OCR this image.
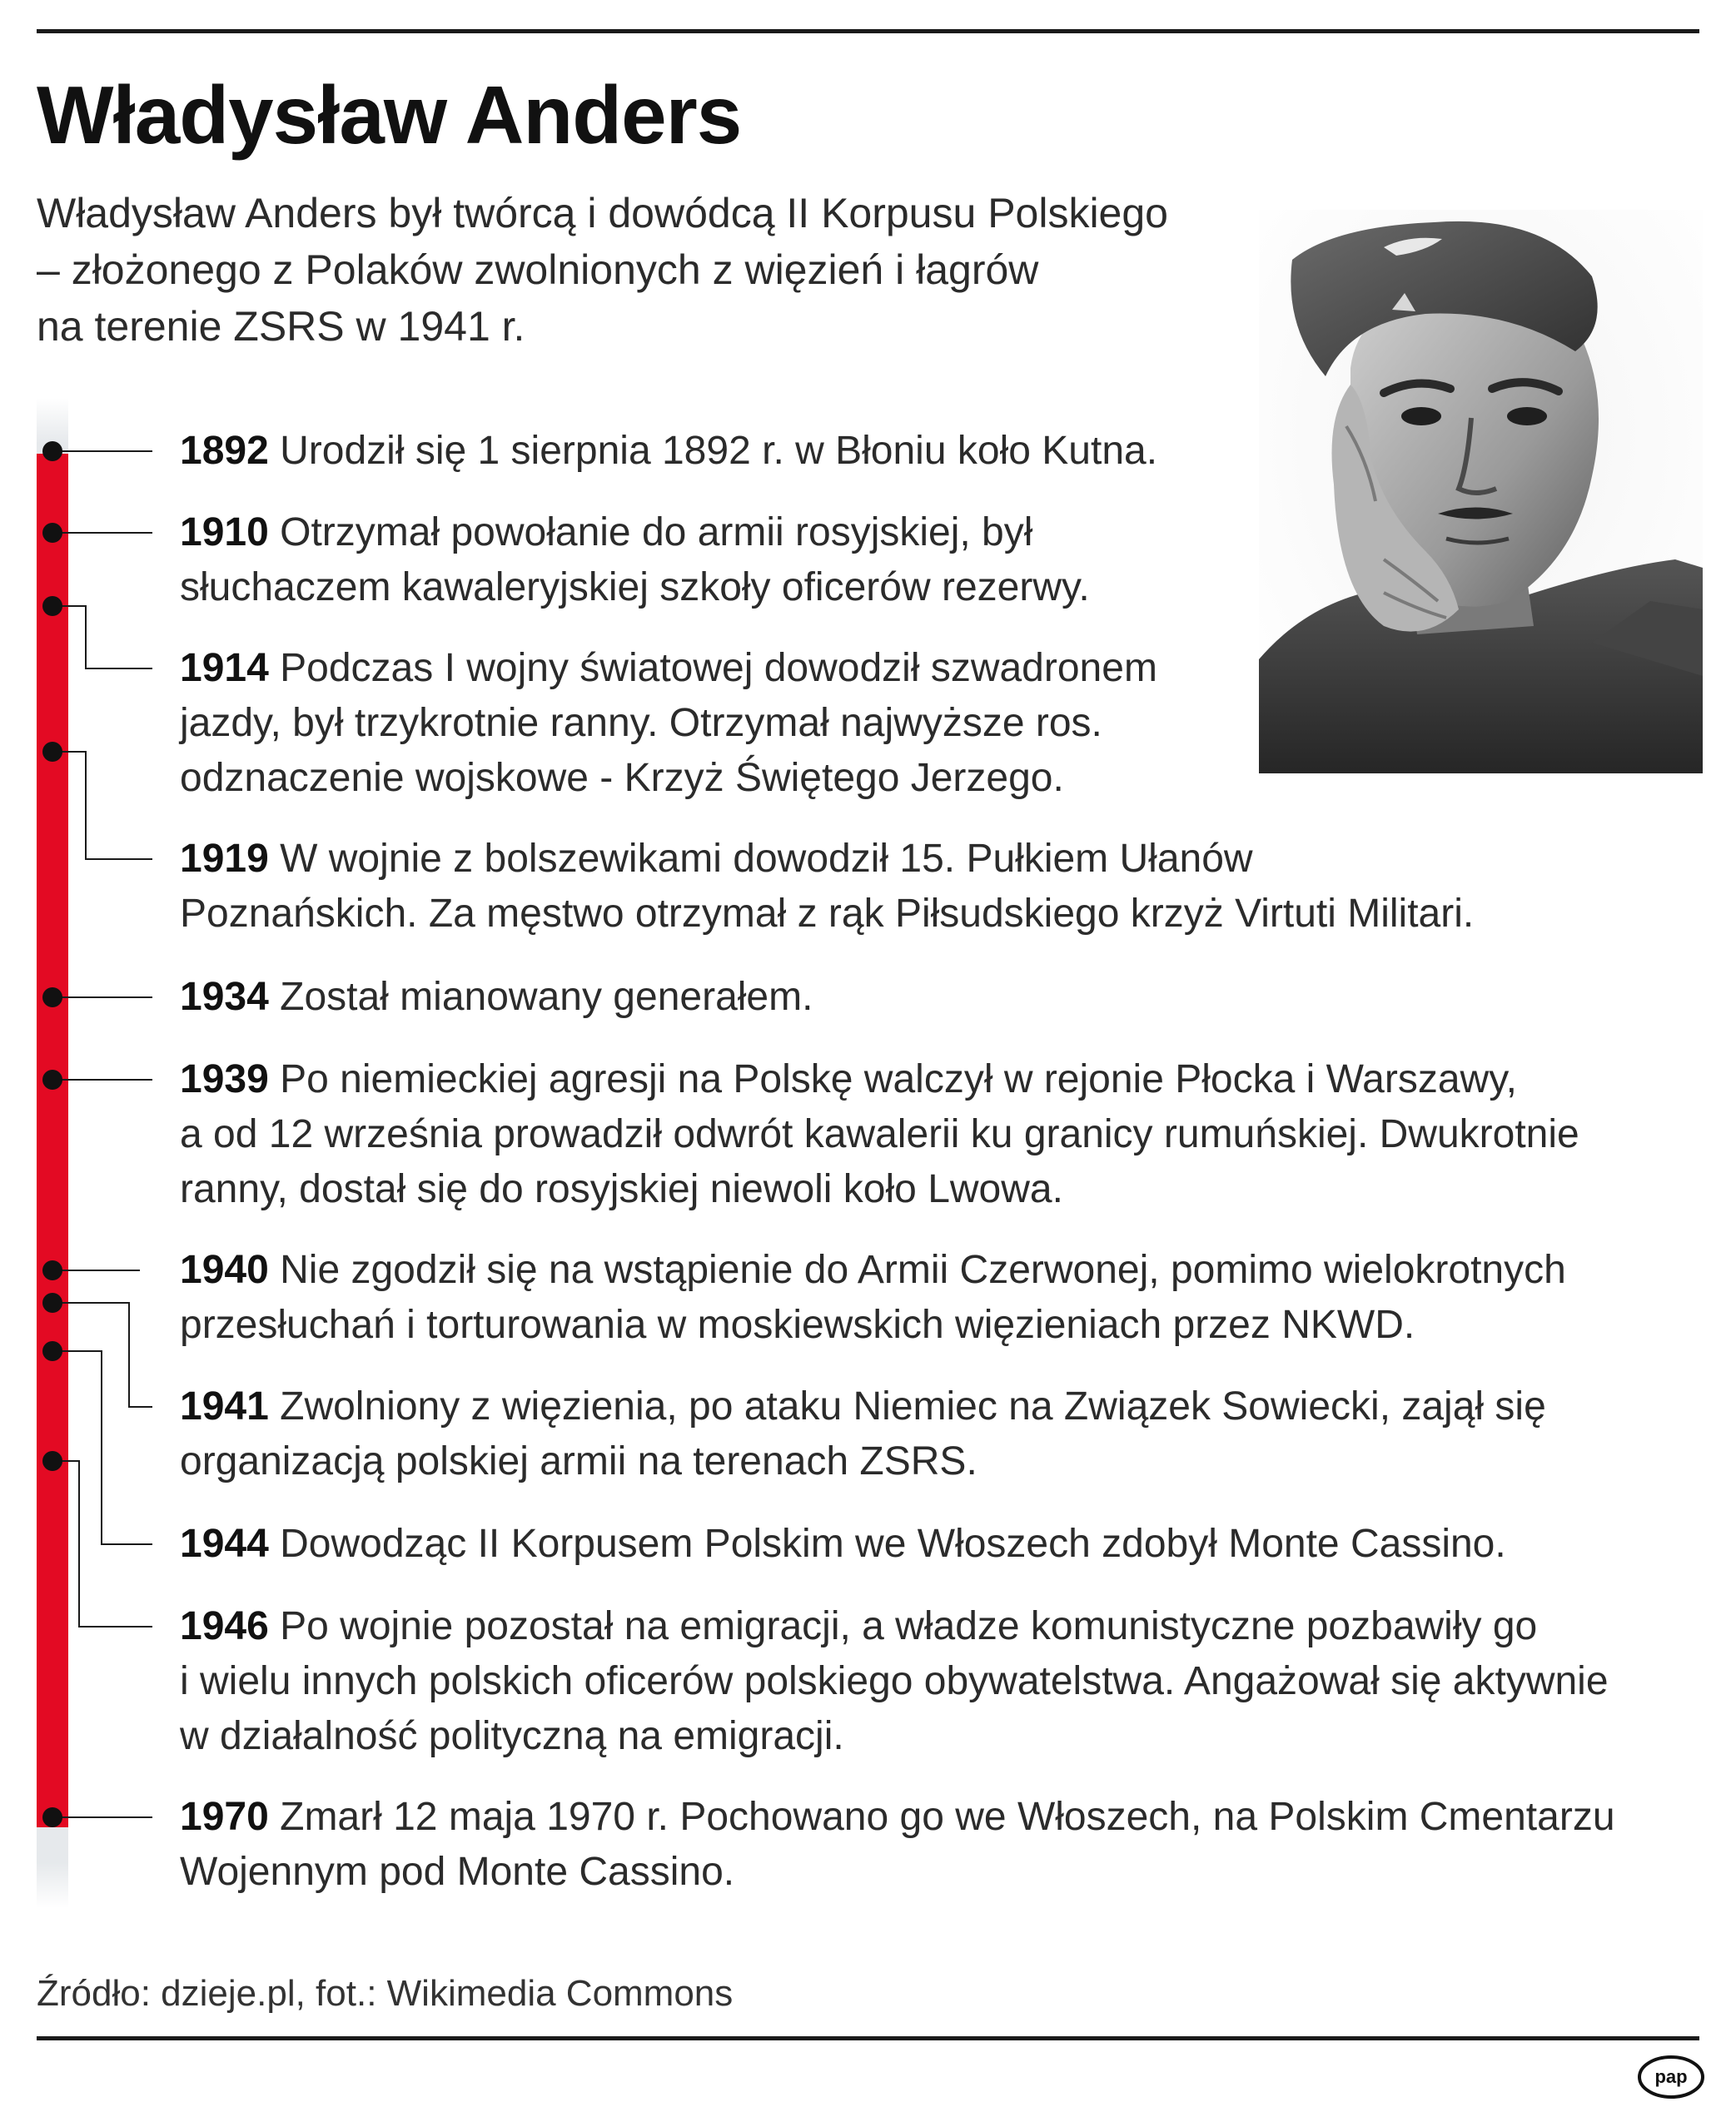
Władysław Anders
Władysław Anders był twórcą i dowódcą II Korpusu Polskiego
– złożonego z Polaków zwolnionych z więzień i łagrów
na terenie ZSRS w 1941 r.
1892 Urodził się 1 sierpnia 1892 r. w Błoniu koło Kutna.
1910 Otrzymał powołanie do armii rosyjskiej, był
słuchaczem kawaleryjskiej szkoły oficerów rezerwy.
1914 Podczas I wojny światowej dowodził szwadronem
jazdy, był trzykrotnie ranny. Otrzymał najwyższe ros.
odznaczenie wojskowe - Krzyż Świętego Jerzego.
1919 W wojnie z bolszewikami dowodził 15. Pułkiem Ułanów
Poznańskich. Za męstwo otrzymał z rąk Piłsudskiego krzyż Virtuti Militari.
1934 Został mianowany generałem.
1939 Po niemieckiej agresji na Polskę walczył w rejonie Płocka i Warszawy,
a od 12 września prowadził odwrót kawalerii ku granicy rumuńskiej. Dwukrotnie
ranny, dostał się do rosyjskiej niewoli koło Lwowa.
1940 Nie zgodził się na wstąpienie do Armii Czerwonej, pomimo wielokrotnych
przesłuchań i torturowania w moskiewskich więzieniach przez NKWD.
1941 Zwolniony z więzienia, po ataku Niemiec na Związek Sowiecki, zajął się
organizacją polskiej armii na terenach ZSRS.
1944 Dowodząc II Korpusem Polskim we Włoszech zdobył Monte Cassino.
1946 Po wojnie pozostał na emigracji, a władze komunistyczne pozbawiły go
i wielu innych polskich oficerów polskiego obywatelstwa. Angażował się aktywnie
w działalność polityczną na emigracji.
1970 Zmarł 12 maja 1970 r. Pochowano go we Włoszech, na Polskim Cmentarzu
Wojennym pod Monte Cassino.
Źródło: dzieje.pl, fot.: Wikimedia Commons
pap
